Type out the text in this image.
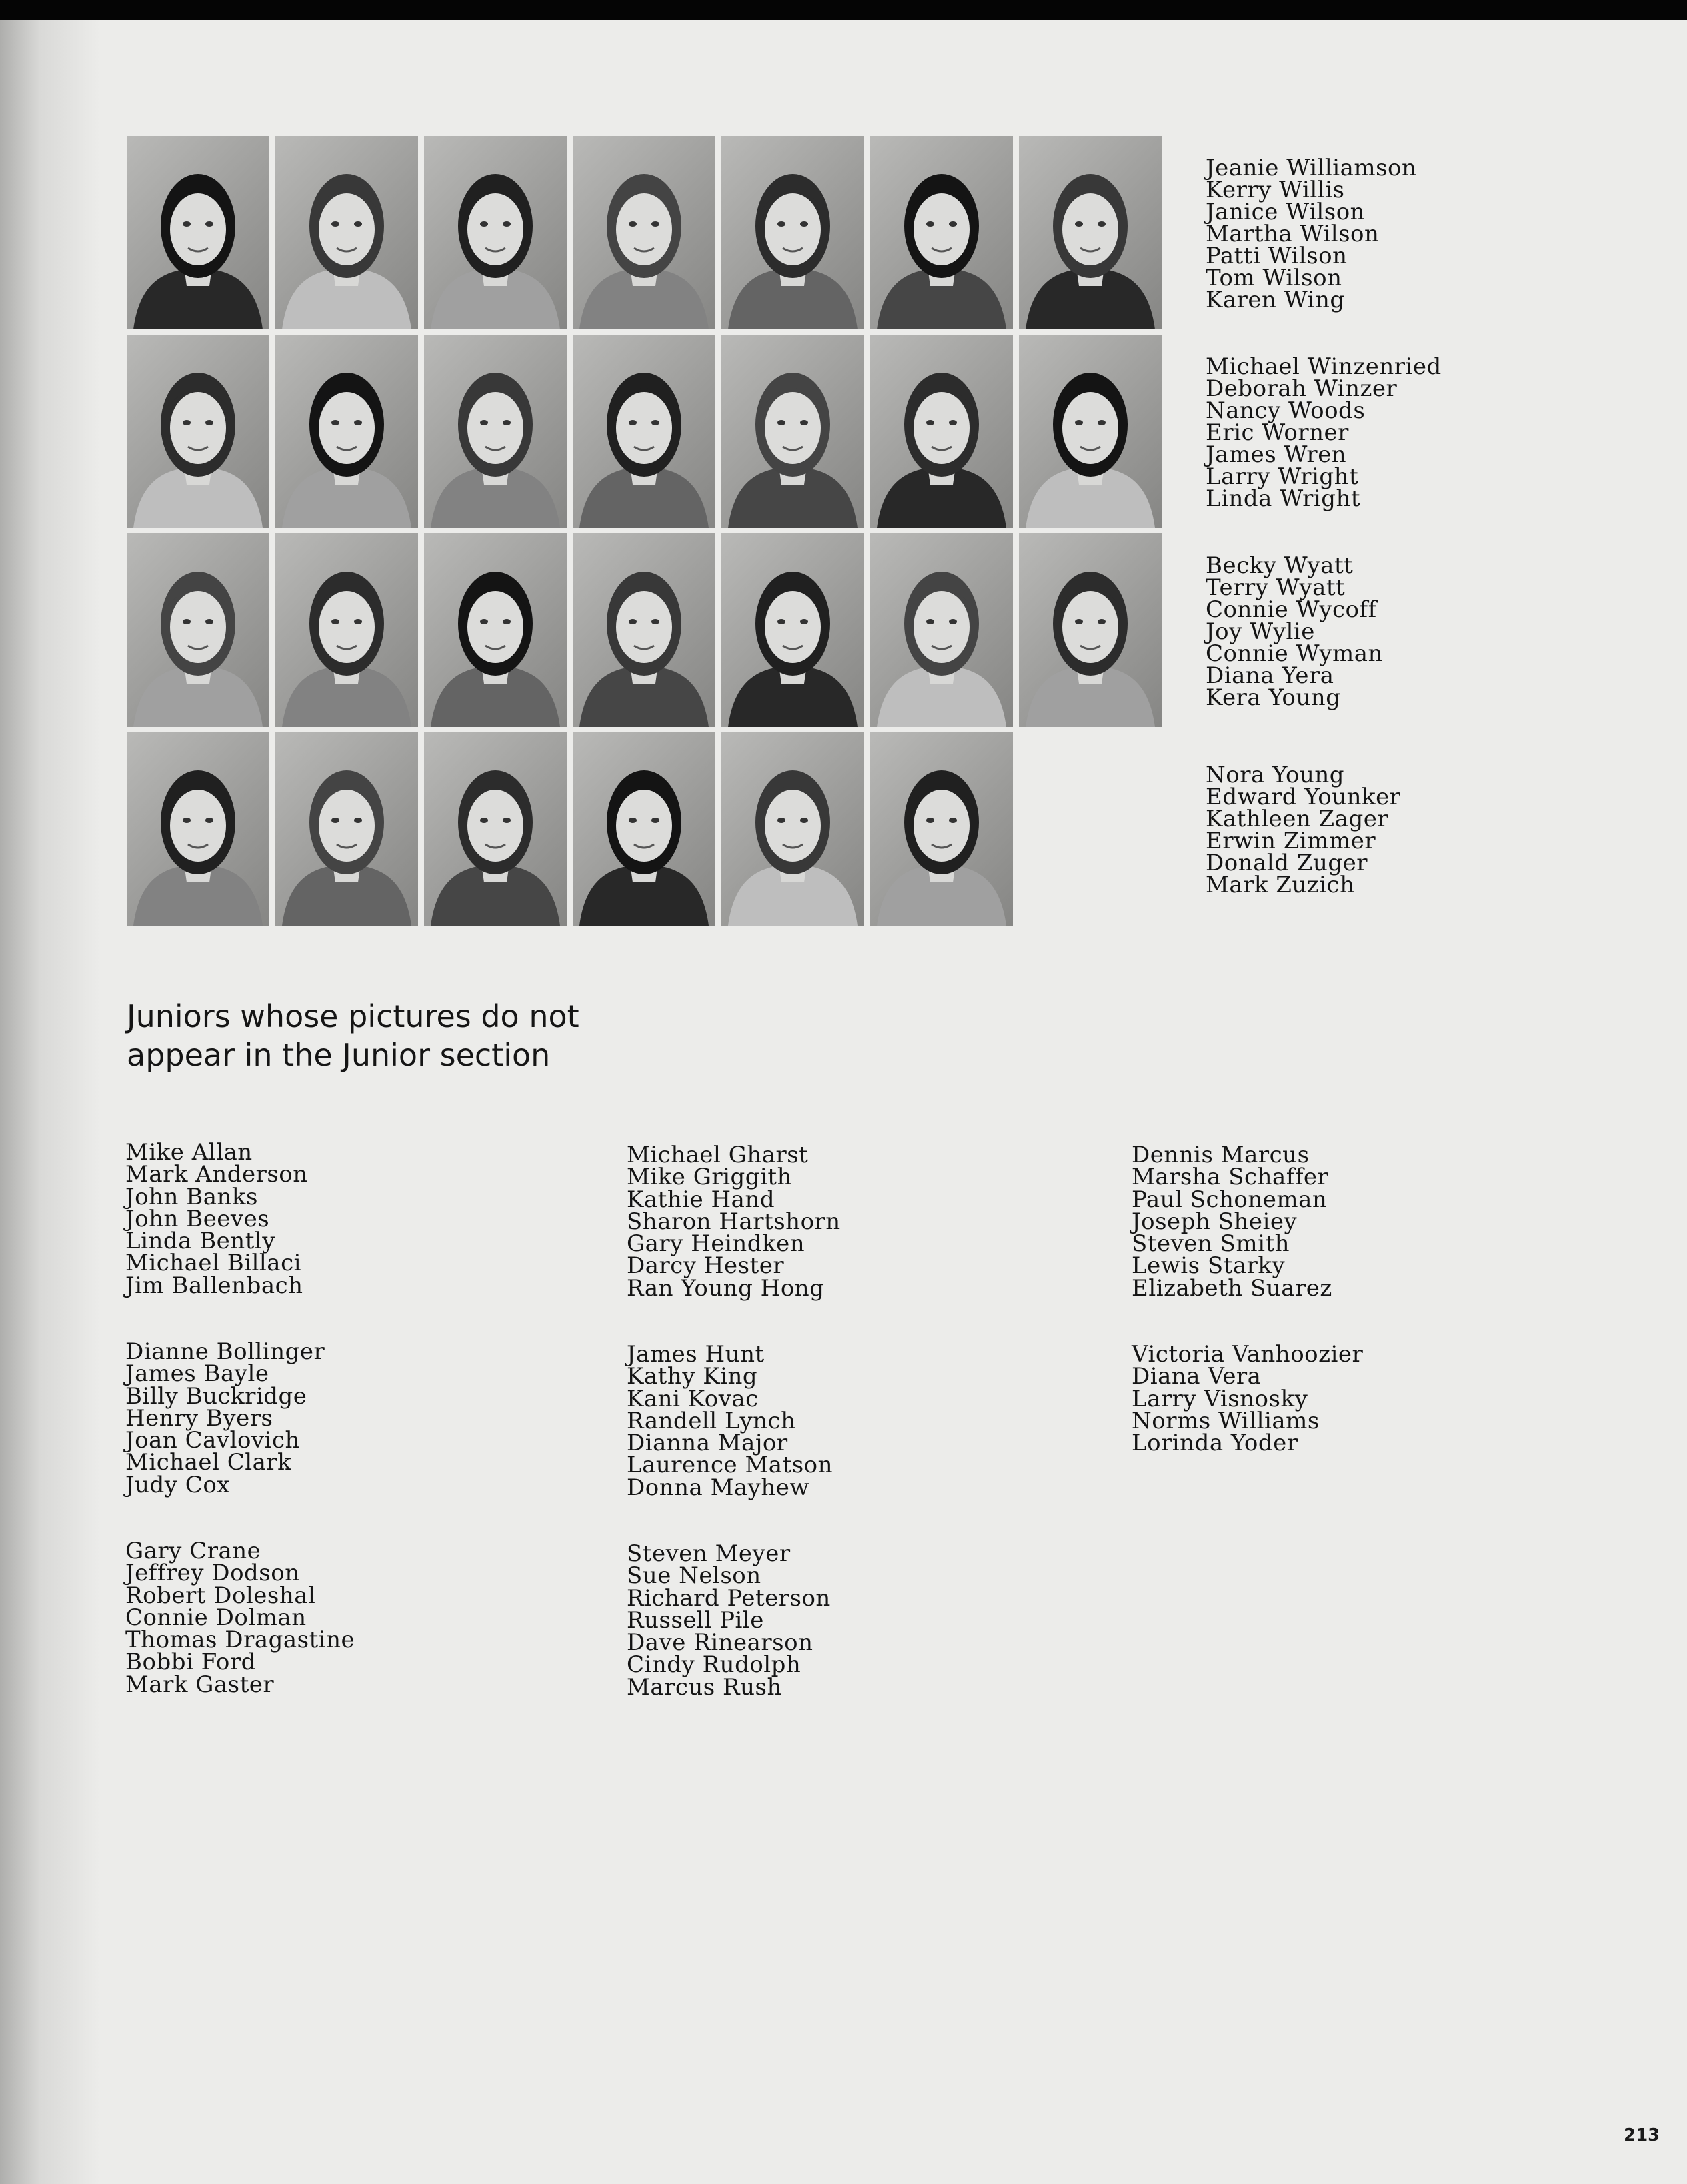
Jeanie Williamson
Kerry Willis
Janice Wilson
Martha Wilson
Patti Wilson
Tom Wilson
Karen Wing
Michael Winzenried
Deborah Winzer
Nancy Woods
Eric Worner
James Wren
Larry Wright
Linda Wright
Becky Wyatt
Terry Wyatt
Connie Wycoff
Joy Wylie
Connie Wyman
Diana Yera
Kera Young
Nora Young
Edward Younker
Kathleen Zager
Erwin Zimmer
Donald Zuger
Mark Zuzich
Juniors whose pictures do not
appear in the Junior section
Mike Allan
Mark Anderson
John Banks
John Beeves
Linda Bently
Michael Billaci
Jim Ballenbach
Dianne Bollinger
James Bayle
Billy Buckridge
Henry Byers
Joan Cavlovich
Michael Clark
Judy Cox
Gary Crane
Jeffrey Dodson
Robert Doleshal
Connie Dolman
Thomas Dragastine
Bobbi Ford
Mark Gaster
Michael Gharst
Mike Griggith
Kathie Hand
Sharon Hartshorn
Gary Heindken
Darcy Hester
Ran Young Hong
James Hunt
Kathy King
Kani Kovac
Randell Lynch
Dianna Major
Laurence Matson
Donna Mayhew
Steven Meyer
Sue Nelson
Richard Peterson
Russell Pile
Dave Rinearson
Cindy Rudolph
Marcus Rush
Dennis Marcus
Marsha Schaffer
Paul Schoneman
Joseph Sheiey
Steven Smith
Lewis Starky
Elizabeth Suarez
Victoria Vanhoozier
Diana Vera
Larry Visnosky
Norms Williams
Lorinda Yoder
213
